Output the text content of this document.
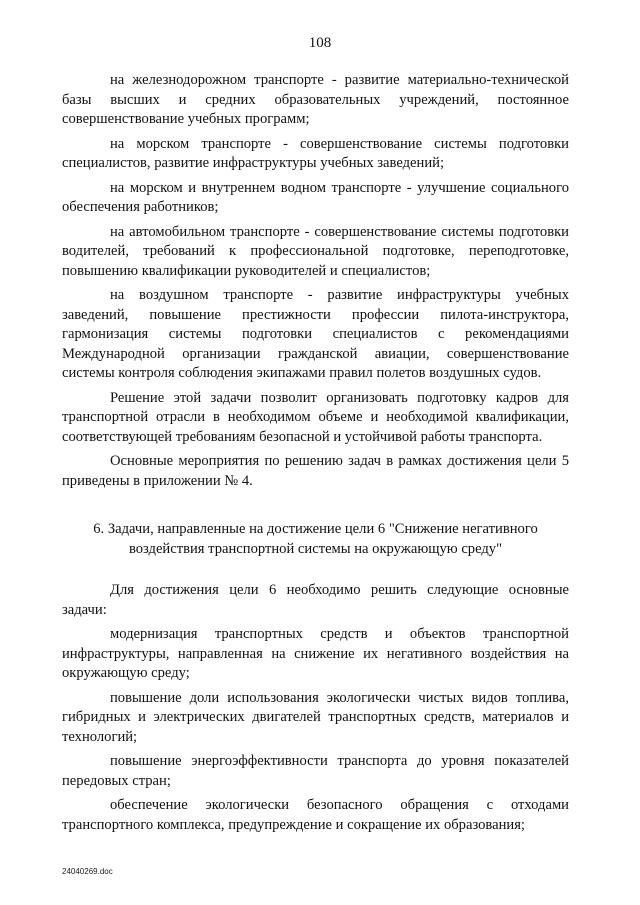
108

на железнодорожном транспорте - развитие материально-технической базы высших и средних образовательных учреждений, постоянное совершенствование учебных программ;

на морском транспорте - совершенствование системы подготовки специалистов, развитие инфраструктуры учебных заведений;

на морском и внутреннем водном транспорте - улучшение социального обеспечения работников;

на автомобильном транспорте - совершенствование системы подготовки водителей, требований к профессиональной подготовке, переподготовке, повышению квалификации руководителей и специалистов;

на воздушном транспорте - развитие инфраструктуры учебных заведений, повышение престижности профессии пилота-инструктора, гармонизация системы подготовки специалистов с рекомендациями Международной организации гражданской авиации, совершенствование системы контроля соблюдения экипажами правил полетов воздушных судов.

Решение этой задачи позволит организовать подготовку кадров для транспортной отрасли в необходимом объеме и необходимой квалификации, соответствующей требованиям безопасной и устойчивой работы транспорта.

Основные мероприятия по решению задач в рамках достижения цели 5 приведены в приложении № 4.

6. Задачи, направленные на достижение цели 6 "Снижение негативного воздействия транспортной системы на окружающую среду"

Для достижения цели 6 необходимо решить следующие основные задачи:

модернизация транспортных средств и объектов транспортной инфраструктуры, направленная на снижение их негативного воздействия на окружающую среду;

повышение доли использования экологически чистых видов топлива, гибридных и электрических двигателей транспортных средств, материалов и технологий;

повышение энергоэффективности транспорта до уровня показателей передовых стран;

обеспечение экологически безопасного обращения с отходами транспортного комплекса, предупреждение и сокращение их образования;

24040269.doc
